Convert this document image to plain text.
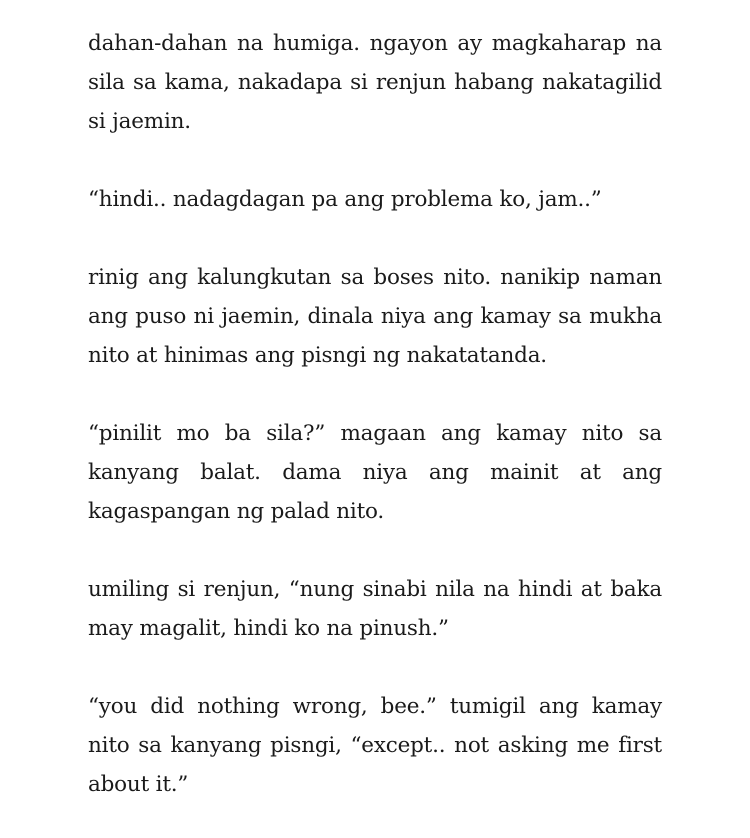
dahan-dahan na humiga. ngayon ay magkaharap na sila sa kama, nakadapa si renjun habang nakatagilid si jaemin.

“hindi.. nadagdagan pa ang problema ko, jam..”

rinig ang kalungkutan sa boses nito. nanikip naman ang puso ni jaemin, dinala niya ang kamay sa mukha nito at hinimas ang pisngi ng nakatatanda.

“pinilit mo ba sila?” magaan ang kamay nito sa kanyang balat. dama niya ang mainit at ang kagaspangan ng palad nito.

umiling si renjun, “nung sinabi nila na hindi at baka may magalit, hindi ko na pinush.”

“you did nothing wrong, bee.” tumigil ang kamay nito sa kanyang pisngi, “except.. not asking me first about it.”
